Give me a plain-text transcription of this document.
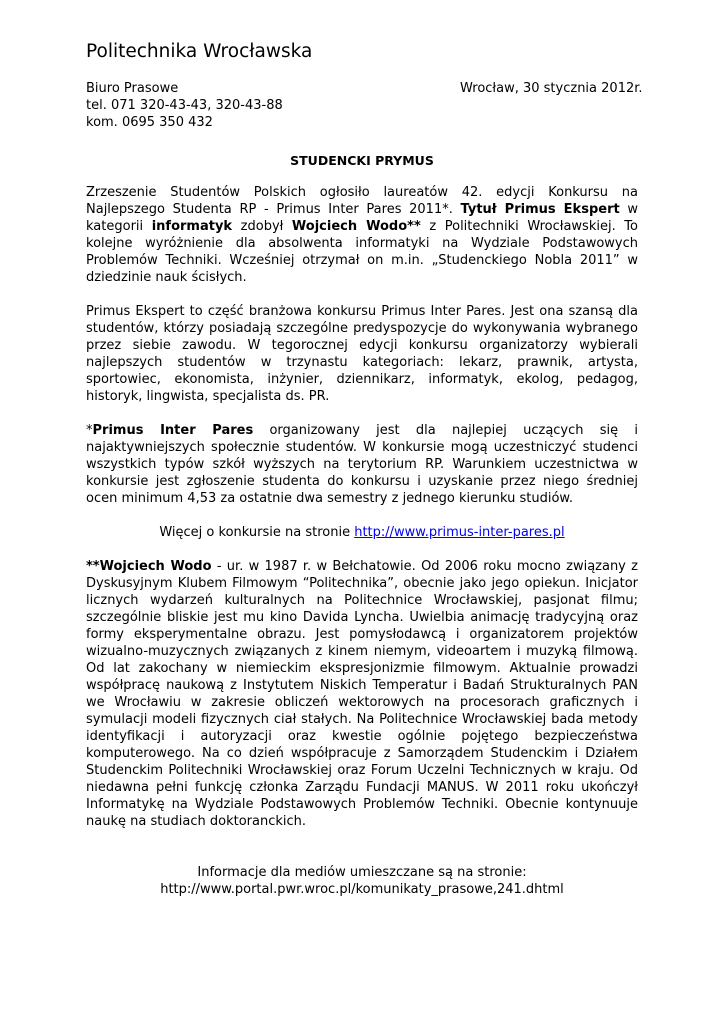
Politechnika Wrocławska
Biuro Prasowe
tel. 071 320-43-43, 320-43-88
kom. 0695 350 432
Wrocław, 30 stycznia 2012r.
STUDENCKI PRYMUS

Zrzeszenie Studentów Polskich ogłosiło laureatów 42. edycji Konkursu na Najlepszego Studenta RP - Primus Inter Pares 2011*. Tytuł Primus Ekspert w kategorii informatyk zdobył Wojciech Wodo** z Politechniki Wrocławskiej. To kolejne wyróżnienie dla absolwenta informatyki na Wydziale Podstawowych Problemów Techniki. Wcześniej otrzymał on m.in. „Studenckiego Nobla 2011” w dziedzinie nauk ścisłych.

Primus Ekspert to część branżowa konkursu Primus Inter Pares. Jest ona szansą dla studentów, którzy posiadają szczególne predyspozycje do wykonywania wybranego przez siebie zawodu. W tegorocznej edycji konkursu organizatorzy wybierali najlepszych studentów w trzynastu kategoriach: lekarz, prawnik, artysta, sportowiec, ekonomista, inżynier, dziennikarz, informatyk, ekolog, pedagog, historyk, lingwista, specjalista ds. PR.

*Primus Inter Pares organizowany jest dla najlepiej uczących się i najaktywniejszych społecznie studentów. W konkursie mogą uczestniczyć studenci wszystkich typów szkół wyższych na terytorium RP. Warunkiem uczestnictwa w konkursie jest zgłoszenie studenta do konkursu i uzyskanie przez niego średniej ocen minimum 4,53 za ostatnie dwa semestry z jednego kierunku studiów.

Więcej o konkursie na stronie http://www.primus-inter-pares.pl

**Wojciech Wodo - ur. w 1987 r. w Bełchatowie. Od 2006 roku mocno związany z Dyskusyjnym Klubem Filmowym “Politechnika”, obecnie jako jego opiekun. Inicjator licznych wydarzeń kulturalnych na Politechnice Wrocławskiej, pasjonat filmu; szczególnie bliskie jest mu kino Davida Lyncha. Uwielbia animację tradycyjną oraz formy eksperymentalne obrazu. Jest pomysłodawcą i organizatorem projektów wizualno-muzycznych związanych z kinem niemym, videoartem i muzyką filmową. Od lat zakochany w niemieckim ekspresjonizmie filmowym. Aktualnie prowadzi współpracę naukową z Instytutem Niskich Temperatur i Badań Strukturalnych PAN we Wrocławiu w zakresie obliczeń wektorowych na procesorach graficznych i symulacji modeli fizycznych ciał stałych. Na Politechnice Wrocławskiej bada metody identyfikacji i autoryzacji oraz kwestie ogólnie pojętego bezpieczeństwa komputerowego. Na co dzień współpracuje z Samorządem Studenckim i Działem Studenckim Politechniki Wrocławskiej oraz Forum Uczelni Technicznych w kraju. Od niedawna pełni funkcję członka Zarządu Fundacji MANUS. W 2011 roku ukończył Informatykę na Wydziale Podstawowych Problemów Techniki. Obecnie kontynuuje naukę na studiach doktoranckich.

Informacje dla mediów umieszczane są na stronie:
http://www.portal.pwr.wroc.pl/komunikaty_prasowe,241.dhtml
